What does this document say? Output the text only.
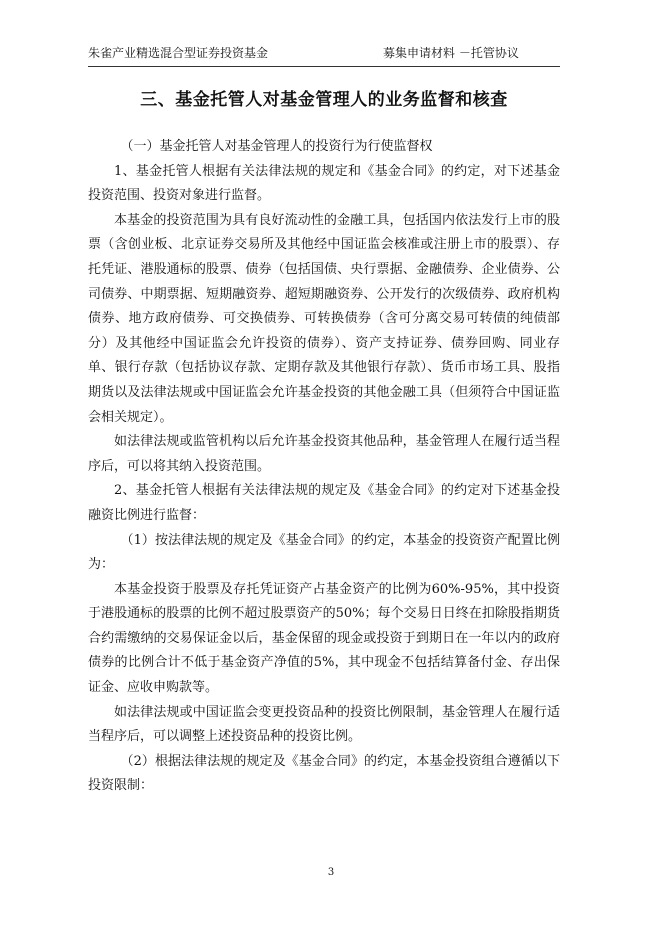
朱雀产业精选混合型证券投资基金	募集申请材料 －托管协议
三、基金托管人对基金管理人的业务监督和核查

（一）基金托管人对基金管理人的投资行为行使监督权

1、基金托管人根据有关法律法规的规定和《基金合同》的约定，对下述基金投资范围、投资对象进行监督。

本基金的投资范围为具有良好流动性的金融工具，包括国内依法发行上市的股票（含创业板、北京证券交易所及其他经中国证监会核准或注册上市的股票）、存托凭证、港股通标的股票、债券（包括国债、央行票据、金融债券、企业债券、公司债券、中期票据、短期融资券、超短期融资券、公开发行的次级债券、政府机构债券、地方政府债券、可交换债券、可转换债券（含可分离交易可转债的纯债部分）及其他经中国证监会允许投资的债券）、资产支持证券、债券回购、同业存单、银行存款（包括协议存款、定期存款及其他银行存款）、货币市场工具、股指期货以及法律法规或中国证监会允许基金投资的其他金融工具（但须符合中国证监会相关规定）。

如法律法规或监管机构以后允许基金投资其他品种，基金管理人在履行适当程序后，可以将其纳入投资范围。

2、基金托管人根据有关法律法规的规定及《基金合同》的约定对下述基金投融资比例进行监督：

（1）按法律法规的规定及《基金合同》的约定，本基金的投资资产配置比例为：

本基金投资于股票及存托凭证资产占基金资产的比例为60%-95%，其中投资于港股通标的股票的比例不超过股票资产的50%；每个交易日日终在扣除股指期货合约需缴纳的交易保证金以后，基金保留的现金或投资于到期日在一年以内的政府债券的比例合计不低于基金资产净值的5%，其中现金不包括结算备付金、存出保证金、应收申购款等。

如法律法规或中国证监会变更投资品种的投资比例限制，基金管理人在履行适当程序后，可以调整上述投资品种的投资比例。

（2）根据法律法规的规定及《基金合同》的约定，本基金投资组合遵循以下投资限制：

3
